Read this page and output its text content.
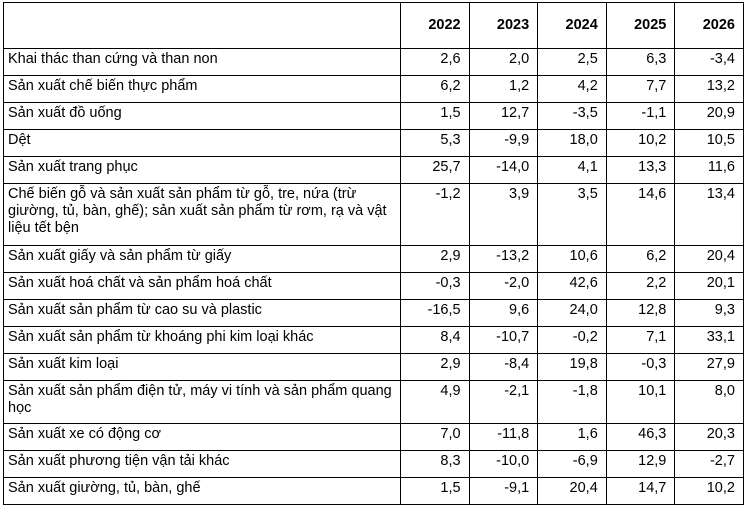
	2022	2023	2024	2025	2026
Khai thác than cứng và than non	2,6	2,0	2,5	6,3	-3,4
Sản xuất chế biến thực phẩm	6,2	1,2	4,2	7,7	13,2
Sản xuất đồ uống	1,5	12,7	-3,5	-1,1	20,9
Dệt	5,3	-9,9	18,0	10,2	10,5
Sản xuất trang phục	25,7	-14,0	4,1	13,3	11,6
Chế biến gỗ và sản xuất sản phẩm từ gỗ, tre, nứa (trừ giường, tủ, bàn, ghế); sản xuất sản phẩm từ rơm, rạ và vật liệu tết bện	-1,2	3,9	3,5	14,6	13,4
Sản xuất giấy và sản phẩm từ giấy	2,9	-13,2	10,6	6,2	20,4
Sản xuất hoá chất và sản phẩm hoá chất	-0,3	-2,0	42,6	2,2	20,1
Sản xuất sản phẩm từ cao su và plastic	-16,5	9,6	24,0	12,8	9,3
Sản xuất sản phẩm từ khoáng phi kim loại khác	8,4	-10,7	-0,2	7,1	33,1
Sản xuất kim loại	2,9	-8,4	19,8	-0,3	27,9
Sản xuất sản phẩm điện tử, máy vi tính và sản phẩm quang học	4,9	-2,1	-1,8	10,1	8,0
Sản xuất xe có động cơ	7,0	-11,8	1,6	46,3	20,3
Sản xuất phương tiện vận tải khác	8,3	-10,0	-6,9	12,9	-2,7
Sản xuất giường, tủ, bàn, ghế	1,5	-9,1	20,4	14,7	10,2
